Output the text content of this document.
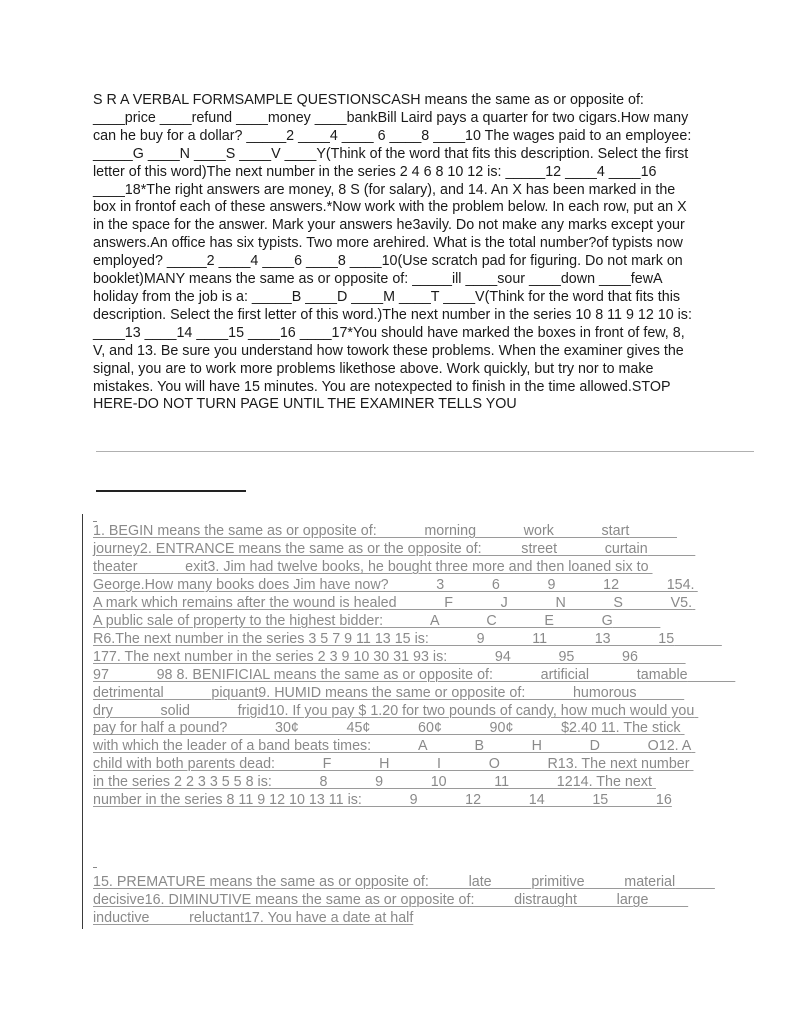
S R A VERBAL FORMSAMPLE QUESTIONSCASH means the same as or opposite of: ____price ____refund ____money ____bankBill Laird pays a quarter for two cigars.How many can he buy for a dollar? _____2 ____4 ____ 6 ____8 ____10 The wages paid to an employee: _____G ____N ____S ____V ____Y(Think of the word that fits this description. Select the first letter of this word)The next number in the series 2 4 6 8 10 12 is: _____12 ____4 ____16 ____18*The right answers are money, 8 S (for salary), and 14. An X has been marked in the box in frontof each of these answers.*Now work with the problem below. In each row, put an X in the space for the answer. Mark your answers he3avily. Do not make any marks except your answers.An office has six typists. Two more arehired. What is the total number?of typists now employed? _____2 ____4 ____6 ____8 ____10(Use scratch pad for figuring. Do not mark on booklet)MANY means the same as or opposite of: _____ill ____sour ____down ____fewA holiday from the job is a: _____B ____D ____M ____T ____V(Think for the word that fits this description. Select the first letter of this word.)The next number in the series 10 8 11 9 12 10 is: ____13 ____14 ____15 ____16 ____17*You should have marked the boxes in front of few, 8, V, and 13. Be sure you understand how towork these problems. When the examiner gives the signal, you are to work more problems likethose above. Work quickly, but try nor to make mistakes. You will have 15 minutes. You are notexpected to finish in the time allowed.STOP HERE-DO NOT TURN PAGE UNTIL THE EXAMINER TELLS YOU

1. BEGIN means the same as or opposite of:            morning            work            start            journey2. ENTRANCE means the same as or the opposite of:          street            curtain            theater            exit3. Jim had twelve books, he bought three more and then loaned six to George.How many books does Jim have now?            3            6            9            12            154. A mark which remains after the wound is healed            F            J            N            S            V5. A public sale of property to the highest bidder:            A            C            E            G            R6.The next number in the series 3 5 7 9 11 13 15 is:            9            11            13            15            177. The next number in the series 2 3 9 10 30 31 93 is:            94            95            96            97            98 8. BENIFICIAL means the same as or opposite of:            artificial            tamable            detrimental            piquant9. HUMID means the same or opposite of:            humorous            dry            solid            frigid10. If you pay $ 1.20 for two pounds of candy, how much would you pay for half a pound?            30¢            45¢            60¢            90¢            $2.40 11. The stick with which the leader of a band beats times:            A            B            H            D            O12. A child with both parents dead:            F            H            I            O            R13. The next number in the series 2 2 3 3 5 5 8 is:            8            9            10            11            1214. The next number in the series 8 11 9 12 10 13 11 is:            9            12            14            15            16

15. PREMATURE means the same as or opposite of:          late          primitive          material          decisive16. DIMINUTIVE means the same as or opposite of:          distraught          large          inductive          reluctant17. You have a date at half
